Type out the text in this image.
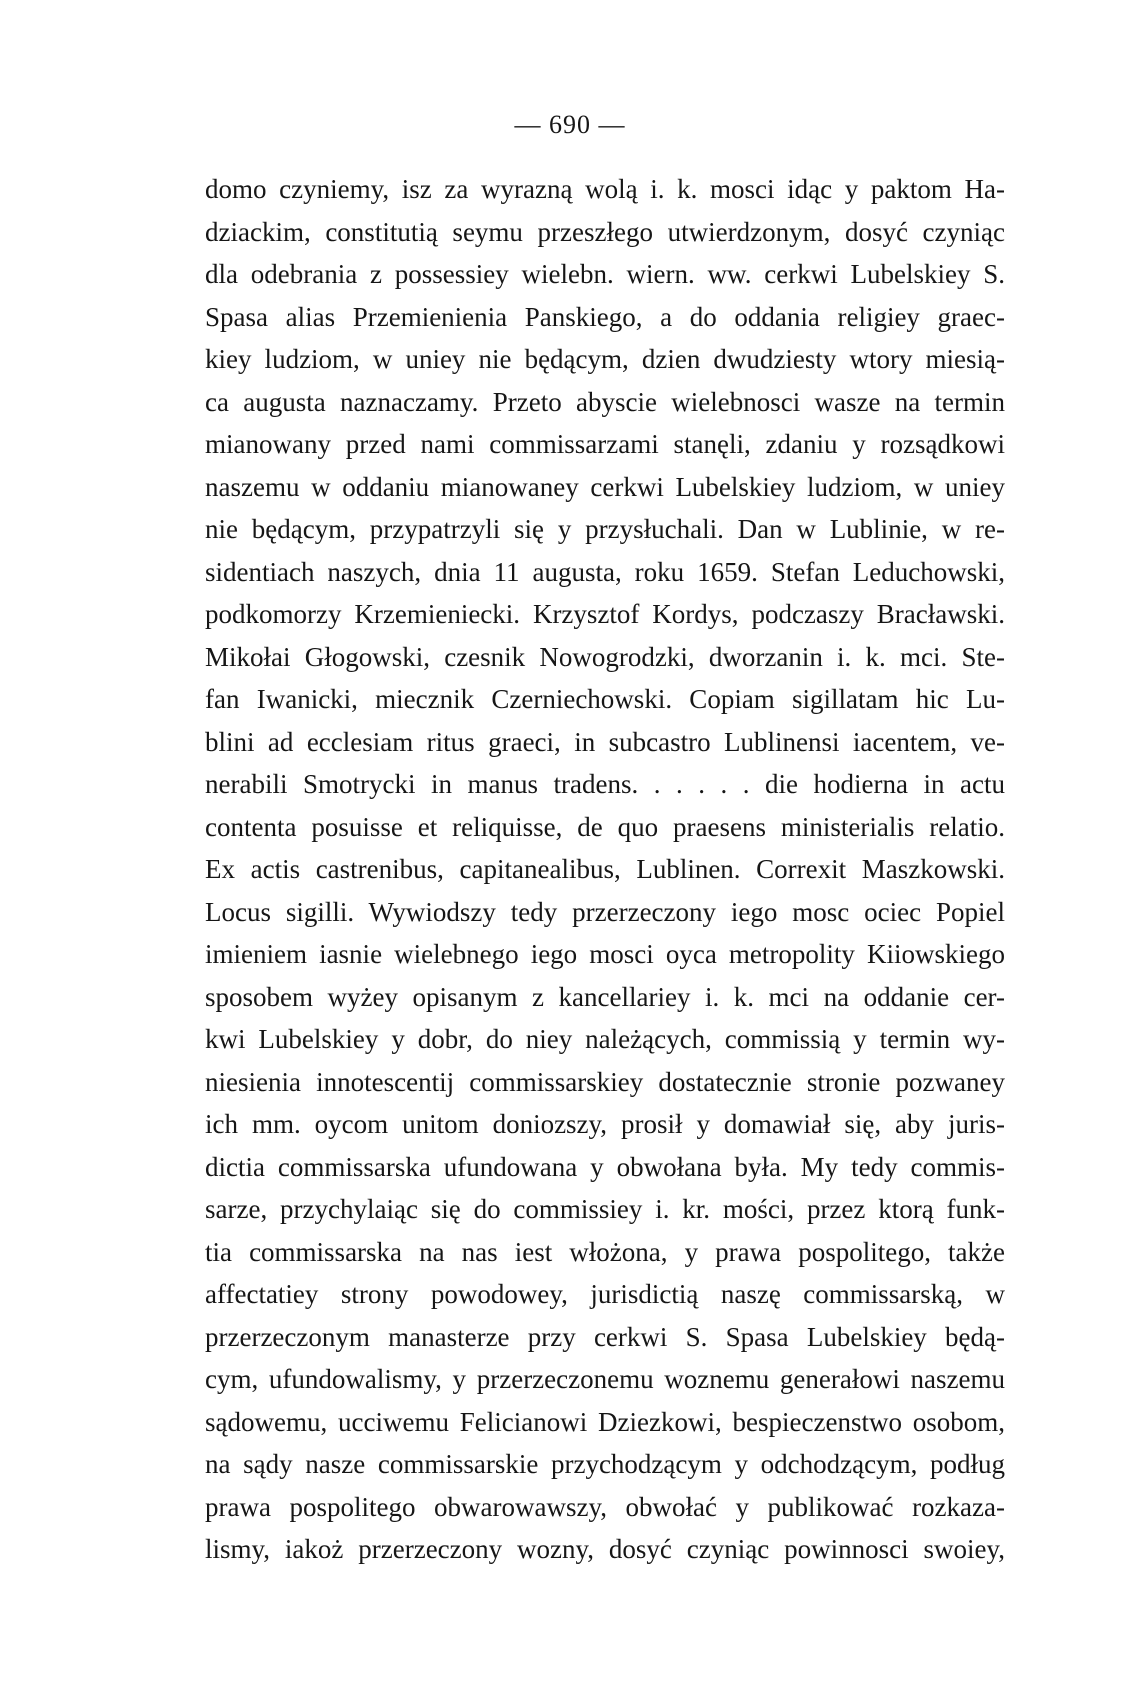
— 690 —
domo czyniemy, isz za wyrazną wolą i. k. mosci idąc y paktom Ha-
dziackim, constitutią seymu przeszłego utwierdzonym, dosyć czyniąc
dla odebrania z possessiey wielebn. wiern. ww. cerkwi Lubelskiey S.
Spasa alias Przemienienia Panskiego, a do oddania religiey graec-
kiey ludziom, w uniey nie będącym, dzien dwudziesty wtory miesią-
ca augusta naznaczamy. Przeto abyscie wielebnosci wasze na termin
mianowany przed nami commissarzami stanęli, zdaniu y rozsądkowi
naszemu w oddaniu mianowaney cerkwi Lubelskiey ludziom, w uniey
nie będącym, przypatrzyli się y przysłuchali. Dan w Lublinie, w re-
sidentiach naszych, dnia 11 augusta, roku 1659. Stefan Leduchowski,
podkomorzy Krzemieniecki. Krzysztof Kordys, podczaszy Bracławski.
Mikołai Głogowski, czesnik Nowogrodzki, dworzanin i. k. mci. Ste-
fan Iwanicki, miecznik Czerniechowski. Copiam sigillatam hic Lu-
blini ad ecclesiam ritus graeci, in subcastro Lublinensi iacentem, ve-
nerabili Smotrycki in manus tradens. . . . . . die hodierna in actu
contenta posuisse et reliquisse, de quo praesens ministerialis relatio.
Ex actis castrenibus, capitanealibus, Lublinen. Correxit Maszkowski.
Locus sigilli. Wywiodszy tedy przerzeczony iego mosc ociec Popiel
imieniem iasnie wielebnego iego mosci oyca metropolity Kiiowskiego
sposobem wyżey opisanym z kancellariey i. k. mci na oddanie cer-
kwi Lubelskiey y dobr, do niey należących, commissią y termin wy-
niesienia innotescentij commissarskiey dostatecznie stronie pozwaney
ich mm. oycom unitom doniozszy, prosił y domawiał się, aby juris-
dictia commissarska ufundowana y obwołana była. My tedy commis-
sarze, przychylaiąc się do commissiey i. kr. mości, przez ktorą funk-
tia commissarska na nas iest włożona, y prawa pospolitego, także
affectatiey strony powodowey, jurisdictią naszę commissarską, w
przerzeczonym manasterze przy cerkwi S. Spasa Lubelskiey będą-
cym, ufundowalismy, y przerzeczonemu woznemu generałowi naszemu
sądowemu, ucciwemu Felicianowi Dziezkowi, bespieczenstwo osobom,
na sądy nasze commissarskie przychodzącym y odchodzącym, podług
prawa pospolitego obwarowawszy, obwołać y publikować rozkaza-
lismy, iakoż przerzeczony wozny, dosyć czyniąc powinnosci swoiey,
